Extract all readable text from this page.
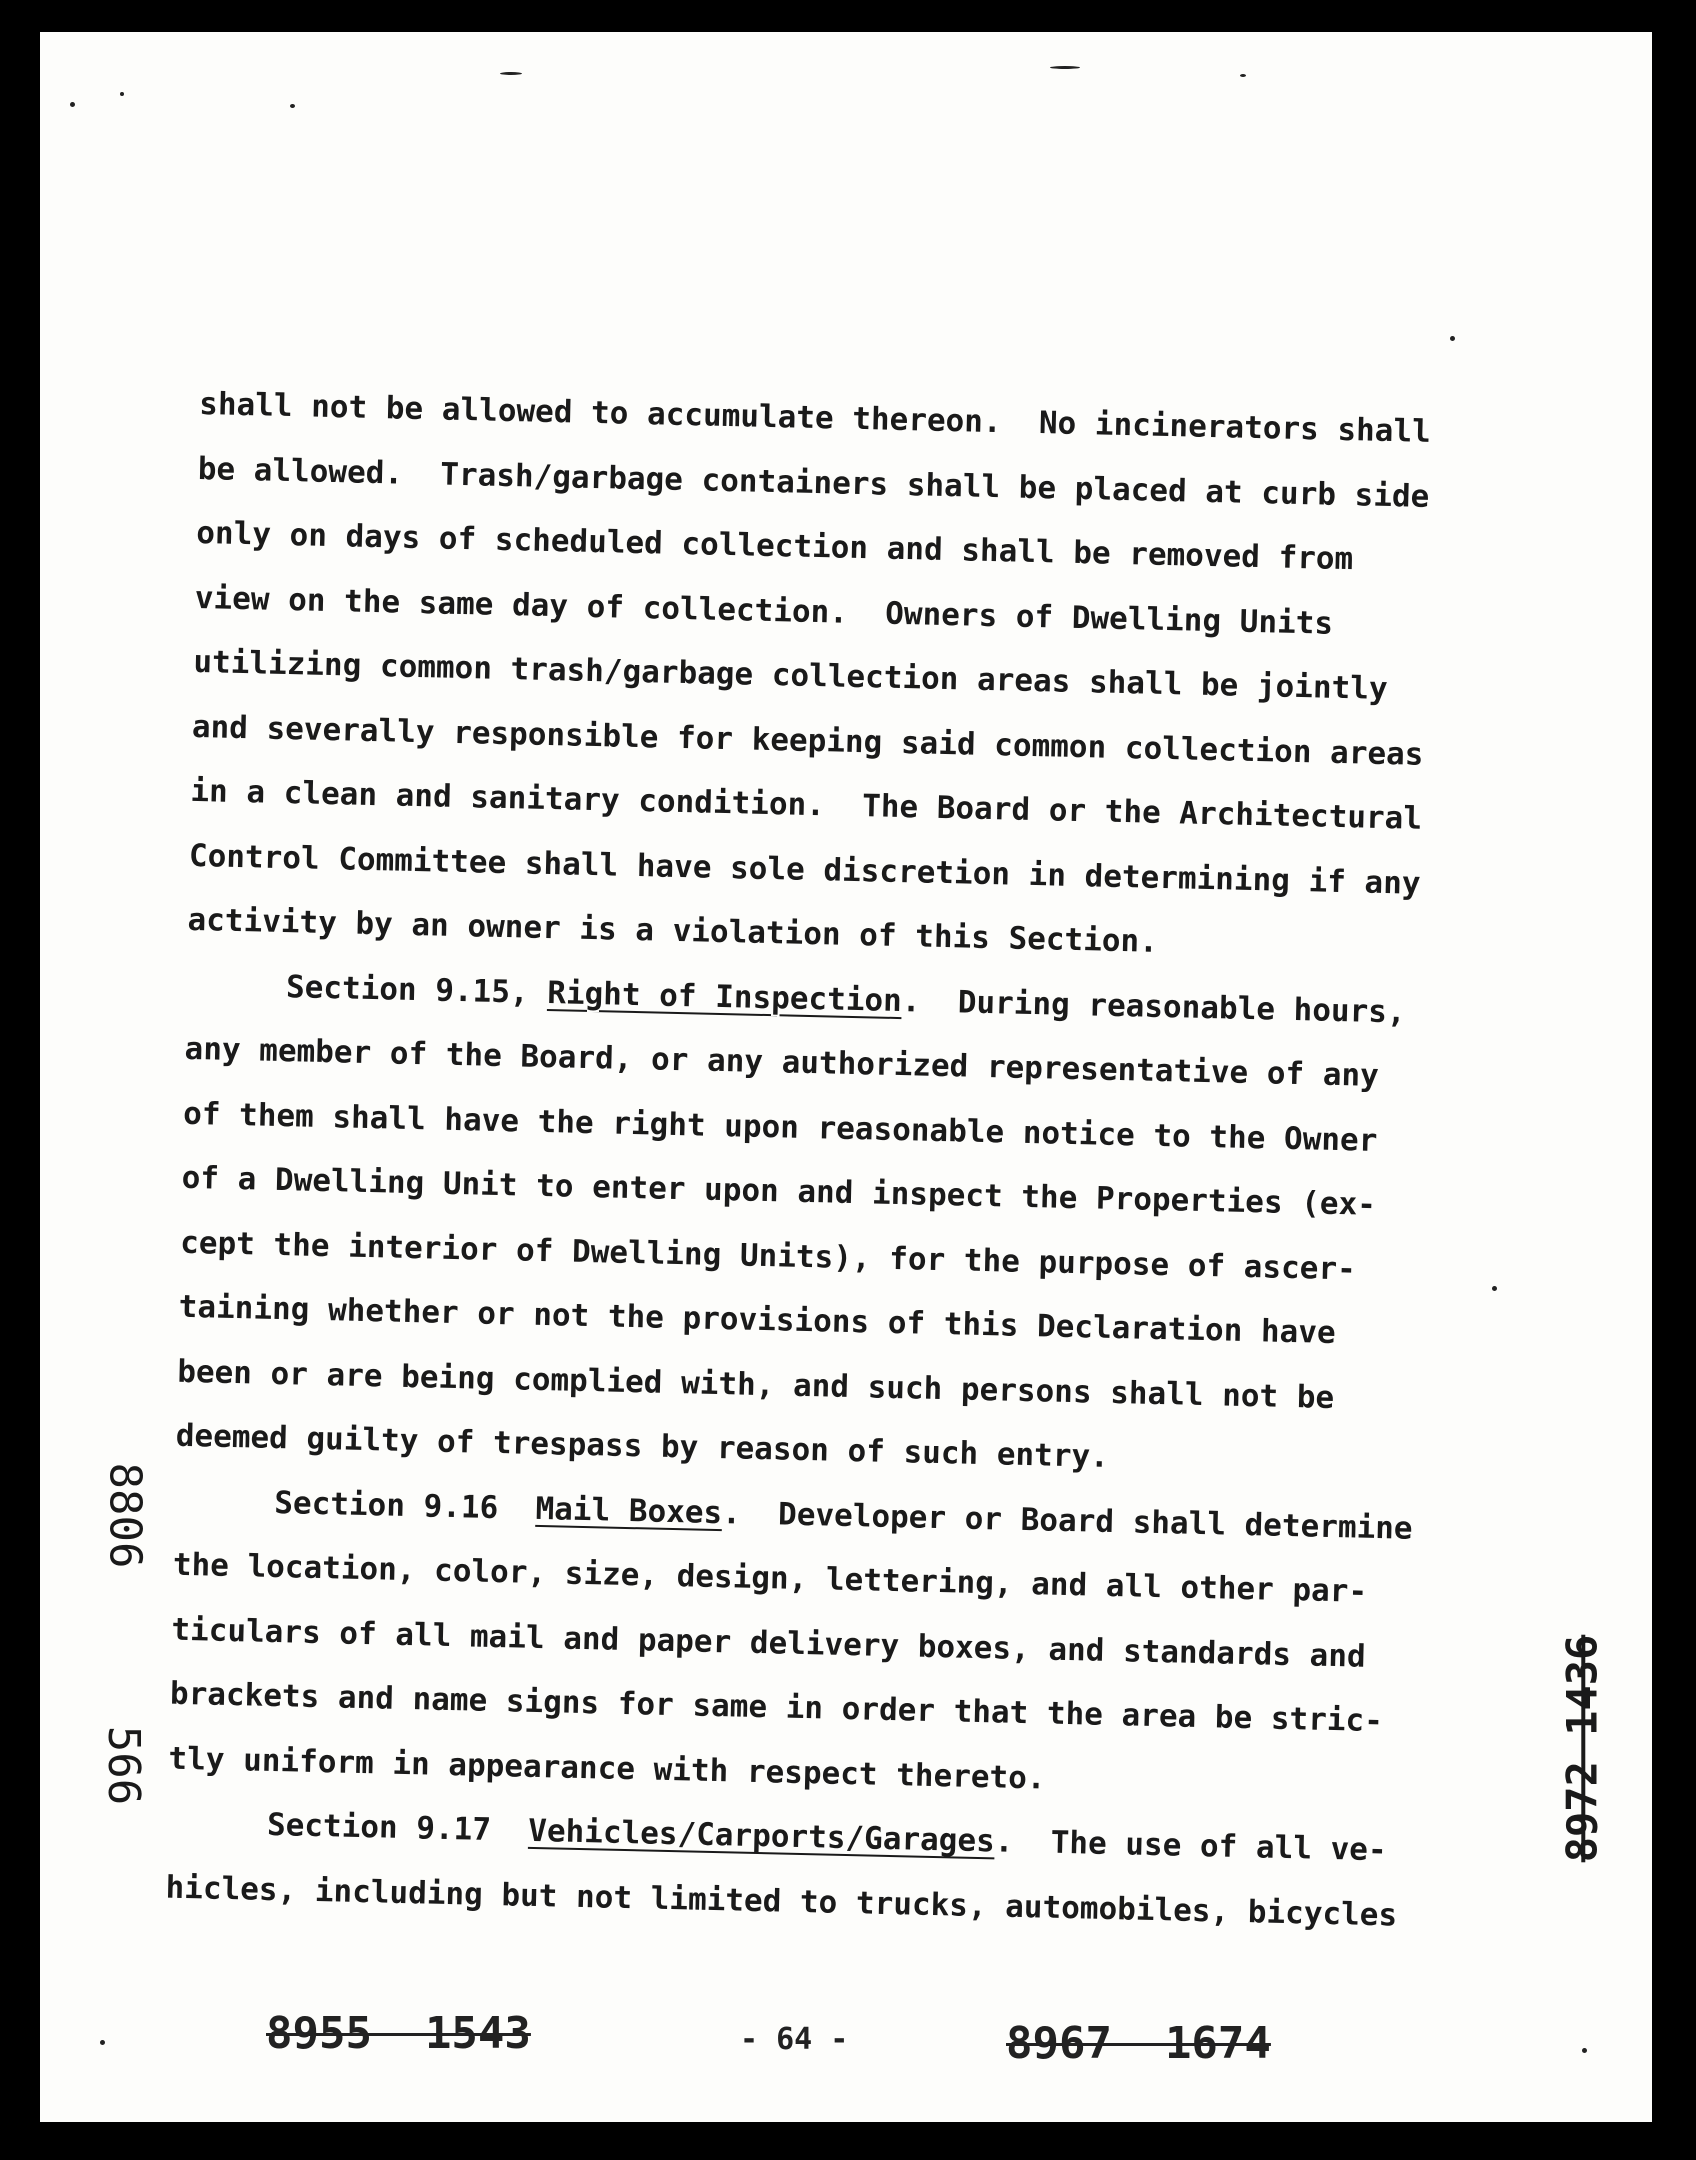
shall not be allowed to accumulate thereon.  No incinerators shall
be allowed.  Trash/garbage containers shall be placed at curb side
only on days of scheduled collection and shall be removed from
view on the same day of collection.  Owners of Dwelling Units
utilizing common trash/garbage collection areas shall be jointly
and severally responsible for keeping said common collection areas
in a clean and sanitary condition.  The Board or the Architectural
Control Committee shall have sole discretion in determining if any
activity by an owner is a violation of this Section.
Section 9.15, Right of Inspection.  During reasonable hours,
any member of the Board, or any authorized representative of any
of them shall have the right upon reasonable notice to the Owner
of a Dwelling Unit to enter upon and inspect the Properties (ex-
cept the interior of Dwelling Units), for the purpose of ascer-
taining whether or not the provisions of this Declaration have
been or are being complied with, and such persons shall not be
deemed guilty of trespass by reason of such entry.
Section 9.16  Mail Boxes.  Developer or Board shall determine
the location, color, size, design, lettering, and all other par-
ticulars of all mail and paper delivery boxes, and standards and
brackets and name signs for same in order that the area be stric-
tly uniform in appearance with respect thereto.
Section 9.17  Vehicles/Carports/Garages.  The use of all ve-
hicles, including but not limited to trucks, automobiles, bicycles
8806
566	8972 1436
8955  1543	- 64 -	8967  1674
